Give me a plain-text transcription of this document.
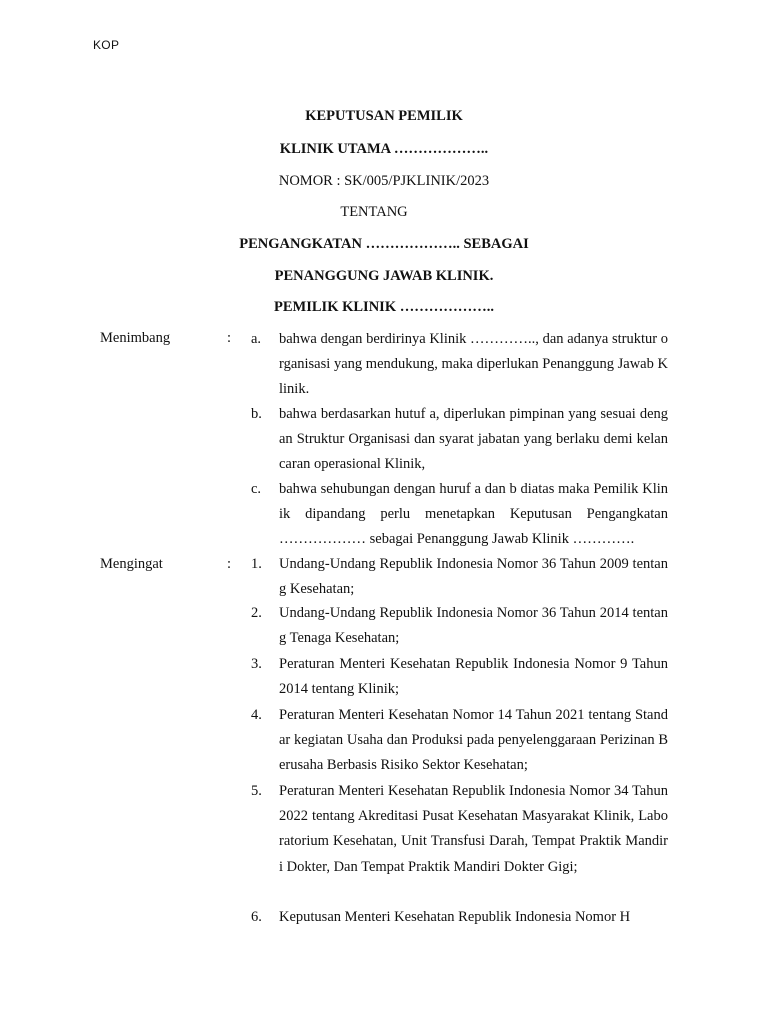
KOP
KEPUTUSAN PEMILIK
KLINIK UTAMA ………………..
NOMOR : SK/005/PJKLINIK/2023
TENTANG
PENGANGKATAN ……………….. SEBAGAI
PENANGGUNG JAWAB KLINIK.
PEMILIK KLINIK ………………..
Menimbang	: a.	bahwa dengan berdirinya Klinik ………….., dan adanya struktur organisasi yang mendukung, maka diperlukan Penanggung Jawab Klinik.
b.	bahwa berdasarkan hutuf a, diperlukan pimpinan yang sesuai dengan Struktur Organisasi dan syarat jabatan yang berlaku demi kelancaran operasional Klinik,
c.	bahwa sehubungan dengan huruf a dan b diatas maka Pemilik Klinik dipandang perlu menetapkan Keputusan Pengangkatan ……………… sebagai Penanggung Jawab Klinik ………….
Mengingat	: 1.	Undang-Undang Republik Indonesia Nomor 36 Tahun 2009 tentang Kesehatan;
2.	Undang-Undang Republik Indonesia Nomor 36 Tahun 2014 tentang Tenaga Kesehatan;
3.	Peraturan Menteri Kesehatan Republik Indonesia Nomor 9 Tahun 2014 tentang Klinik;
4.	Peraturan Menteri Kesehatan Nomor 14 Tahun 2021 tentang Standar kegiatan Usaha dan Produksi pada penyelenggaraan Perizinan Berusaha Berbasis Risiko Sektor Kesehatan;
5.	Peraturan Menteri Kesehatan Republik Indonesia Nomor 34 Tahun 2022 tentang Akreditasi Pusat Kesehatan Masyarakat Klinik, Laboratorium Kesehatan, Unit Transfusi Darah, Tempat Praktik Mandiri Dokter, Dan Tempat Praktik Mandiri Dokter Gigi;
6.	Keputusan Menteri Kesehatan Republik Indonesia Nomor H
